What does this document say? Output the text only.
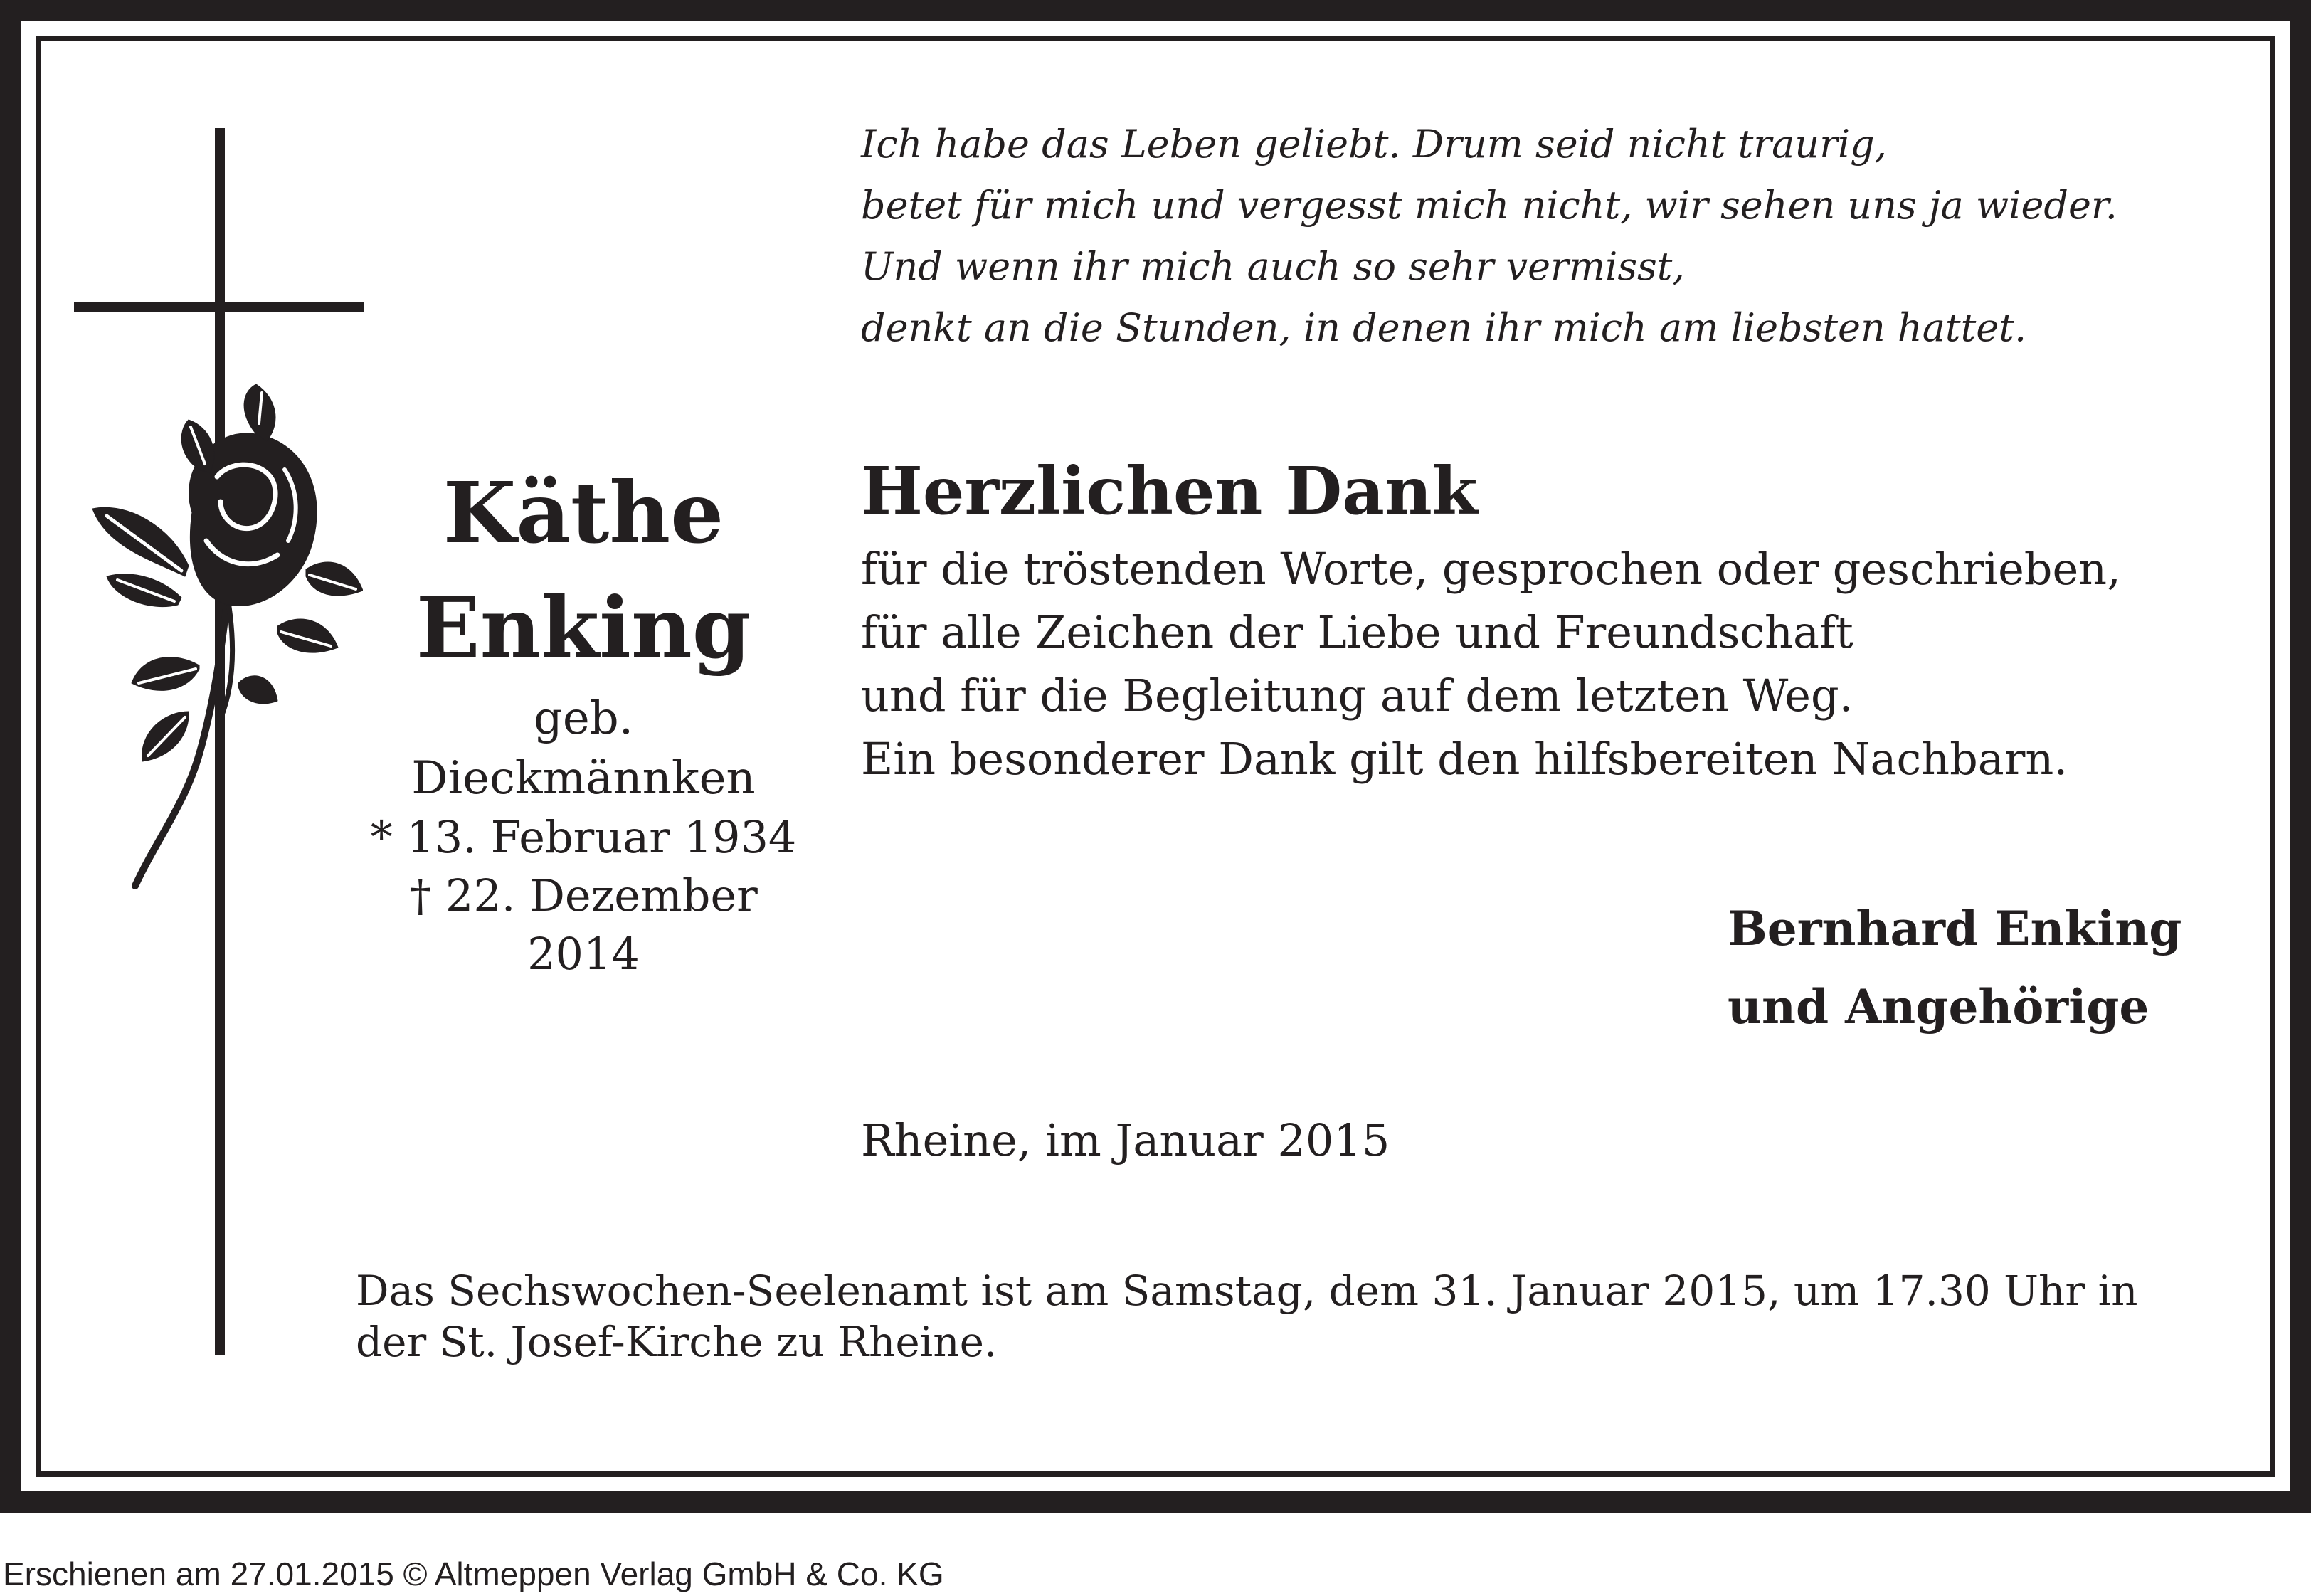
Käthe
Enking
geb. Dieckmännken
* 13. Februar 1934
† 22. Dezember 2014
Ich habe das Leben geliebt. Drum seid nicht traurig,
betet für mich und vergesst mich nicht, wir sehen uns ja wieder.
Und wenn ihr mich auch so sehr vermisst,
denkt an die Stunden, in denen ihr mich am liebsten hattet.
Herzlichen Dank
für die tröstenden Worte, gesprochen oder geschrieben,
für alle Zeichen der Liebe und Freundschaft
und für die Begleitung auf dem letzten Weg.
Ein besonderer Dank gilt den hilfsbereiten Nachbarn.
Bernhard Enking
und Angehörige
Rheine, im Januar 2015
Das Sechswochen-Seelenamt ist am Samstag, dem 31. Januar 2015, um 17.30 Uhr in der St. Josef-Kirche zu Rheine.
Erschienen am 27.01.2015 © Altmeppen Verlag GmbH & Co. KG
